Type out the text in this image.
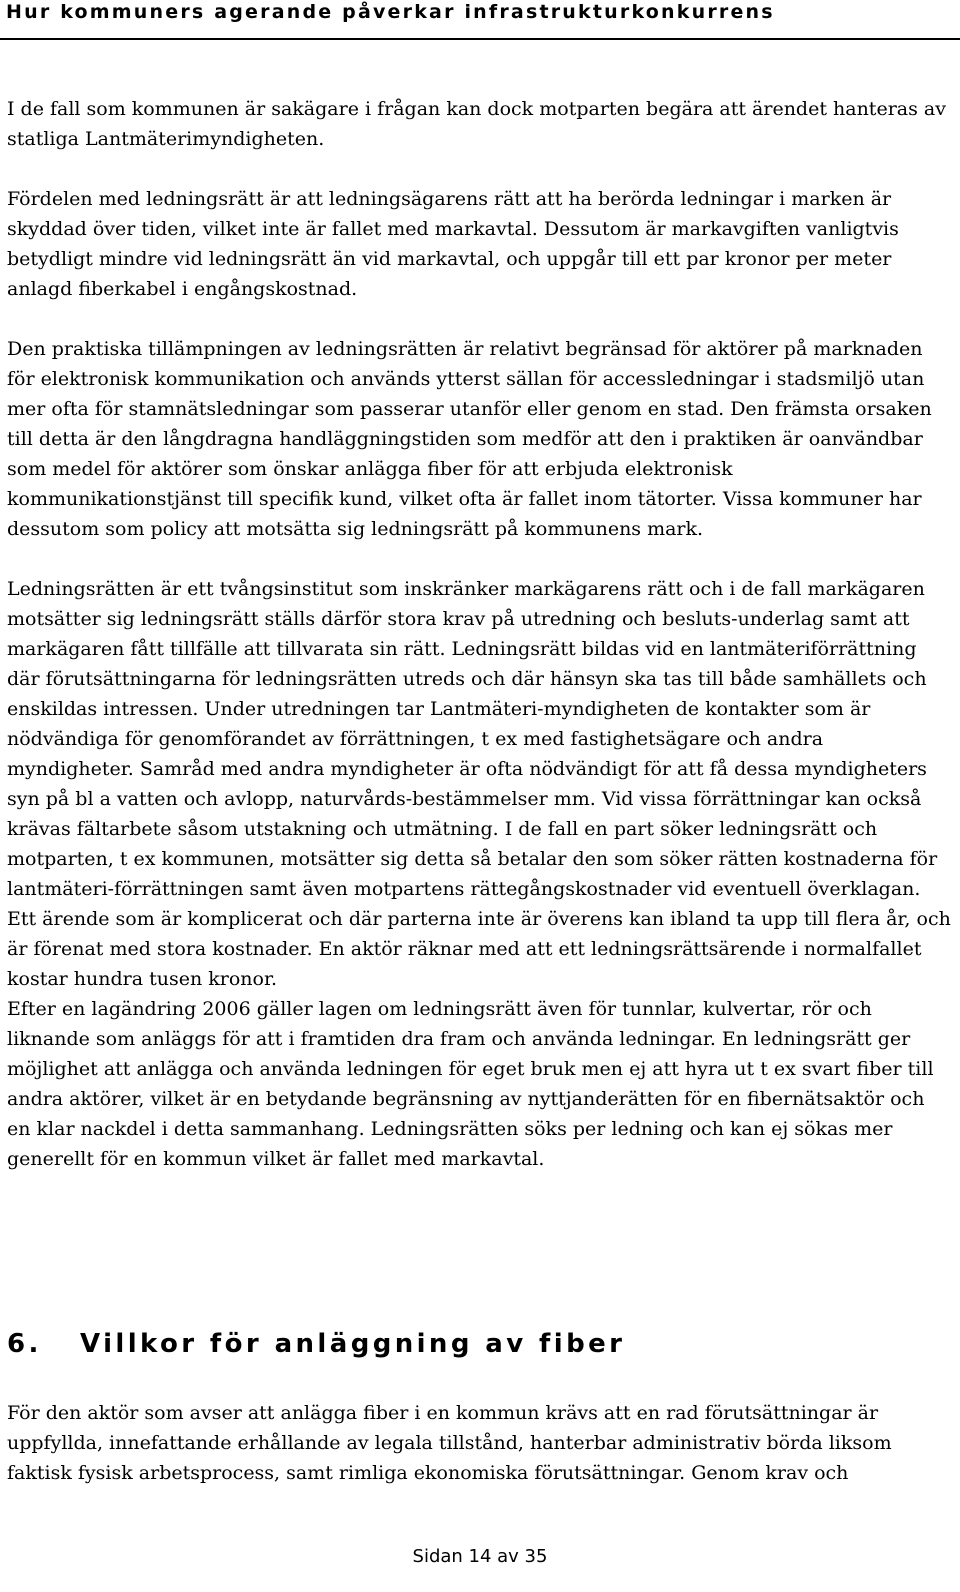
Hur kommuners agerande påverkar infrastrukturkonkurrens

I de fall som kommunen är sakägare i frågan kan dock motparten begära att ärendet hanteras av statliga Lantmäterimyndigheten.

Fördelen med ledningsrätt är att ledningsägarens rätt att ha berörda ledningar i marken är skyddad över tiden, vilket inte är fallet med markavtal. Dessutom är markavgiften vanligtvis betydligt mindre vid ledningsrätt än vid markavtal, och uppgår till ett par kronor per meter anlagd fiberkabel i engångskostnad.

Den praktiska tillämpningen av ledningsrätten är relativt begränsad för aktörer på marknaden för elektronisk kommunikation och används ytterst sällan för accessledningar i stadsmiljö utan mer ofta för stamnätsledningar som passerar utanför eller genom en stad. Den främsta orsaken till detta är den långdragna handläggningstiden som medför att den i praktiken är oanvändbar som medel för aktörer som önskar anlägga fiber för att erbjuda elektronisk kommunikationstjänst till specifik kund, vilket ofta är fallet inom tätorter. Vissa kommuner har dessutom som policy att motsätta sig ledningsrätt på kommunens mark.

Ledningsrätten är ett tvångsinstitut som inskränker markägarens rätt och i de fall markägaren motsätter sig ledningsrätt ställs därför stora krav på utredning och besluts-underlag samt att markägaren fått tillfälle att tillvarata sin rätt. Ledningsrätt bildas vid en lantmäteriförrättning där förutsättningarna för ledningsrätten utreds och där hänsyn ska tas till både samhällets och enskildas intressen. Under utredningen tar Lantmäteri-myndigheten de kontakter som är nödvändiga för genomförandet av förrättningen, t ex med fastighetsägare och andra myndigheter. Samråd med andra myndigheter är ofta nödvändigt för att få dessa myndigheters syn på bl a vatten och avlopp, naturvårds-bestämmelser mm. Vid vissa förrättningar kan också krävas fältarbete såsom utstakning och utmätning. I de fall en part söker ledningsrätt och motparten, t ex kommunen, motsätter sig detta så betalar den som söker rätten kostnaderna för lantmäteri-förrättningen samt även motpartens rättegångskostnader vid eventuell överklagan. Ett ärende som är komplicerat och där parterna inte är överens kan ibland ta upp till flera år, och är förenat med stora kostnader. En aktör räknar med att ett ledningsrättsärende i normalfallet kostar hundra tusen kronor.

Efter en lagändring 2006 gäller lagen om ledningsrätt även för tunnlar, kulvertar, rör och liknande som anläggs för att i framtiden dra fram och använda ledningar. En ledningsrätt ger möjlighet att anlägga och använda ledningen för eget bruk men ej att hyra ut t ex svart fiber till andra aktörer, vilket är en betydande begränsning av nyttjanderätten för en fibernätsaktör och en klar nackdel i detta sammanhang. Ledningsrätten söks per ledning och kan ej sökas mer generellt för en kommun vilket är fallet med markavtal.

6. Villkor för anläggning av fiber

För den aktör som avser att anlägga fiber i en kommun krävs att en rad förutsättningar är uppfyllda, innefattande erhållande av legala tillstånd, hanterbar administrativ börda liksom faktisk fysisk arbetsprocess, samt rimliga ekonomiska förutsättningar. Genom krav och

Sidan 14 av 35
